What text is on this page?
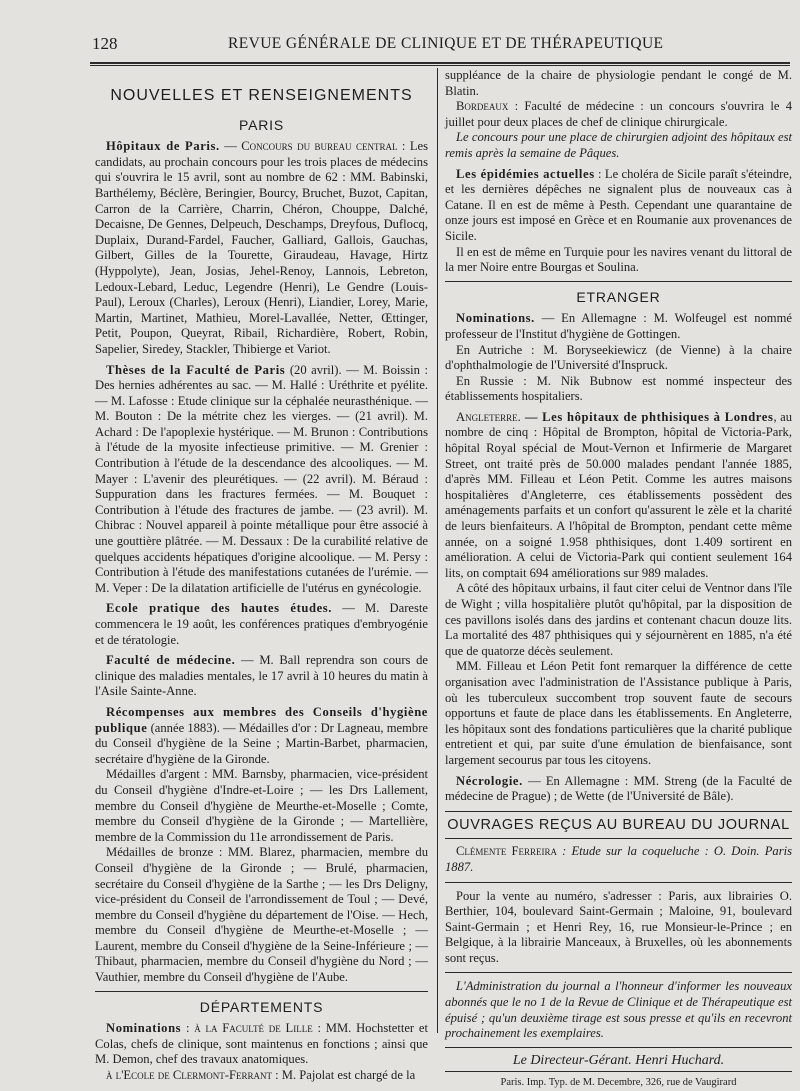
128	REVUE GÉNÉRALE DE CLINIQUE ET DE THÉRAPEUTIQUE
NOUVELLES ET RENSEIGNEMENTS
PARIS

Hôpitaux de Paris. — Concours du bureau central : Les candidats, au prochain concours pour les trois places de médecins qui s'ouvrira le 15 avril, sont au nombre de 62 : MM. Babinski, Barthélemy, Béclère, Beringier, Bourcy, Bruchet, Buzot, Capitan, Carron de la Carrière, Charrin, Chéron, Chouppe, Dalché, Decaisne, De Gennes, Delpeuch, Deschamps, Dreyfous, Duflocq, Duplaix, Durand-Fardel, Faucher, Galliard, Gallois, Gauchas, Gilbert, Gilles de la Tourette, Giraudeau, Havage, Hirtz (Hyppolyte), Jean, Josias, Jehel-Renoy, Lannois, Lebreton, Ledoux-Lebard, Leduc, Legendre (Henri), Le Gendre (Louis-Paul), Leroux (Charles), Leroux (Henri), Liandier, Lorey, Marie, Martin, Martinet, Mathieu, Morel-Lavallée, Netter, Œttinger, Petit, Poupon, Queyrat, Ribail, Richardière, Robert, Robin, Sapelier, Siredey, Stackler, Thibierge et Variot.

Thèses de la Faculté de Paris (20 avril). — M. Boissin : Des hernies adhérentes au sac. — M. Hallé : Uréthrite et pyélite. — M. Lafosse : Etude clinique sur la céphalée neurasthénique. — M. Bouton : De la métrite chez les vierges. — (21 avril). M. Achard : De l'apoplexie hystérique. — M. Brunon : Contributions à l'étude de la myosite infectieuse primitive. — M. Grenier : Contribution à l'étude de la descendance des alcooliques. — M. Mayer : L'avenir des pleurétiques. — (22 avril). M. Béraud : Suppuration dans les fractures fermées. — M. Bouquet : Contribution à l'étude des fractures de jambe. — (23 avril). M. Chibrac : Nouvel appareil à pointe métallique pour être associé à une gouttière plâtrée. — M. Dessaux : De la curabilité relative de quelques accidents hépatiques d'origine alcoolique. — M. Persy : Contribution à l'étude des manifestations cutanées de l'urémie. — M. Veper : De la dilatation artificielle de l'utérus en gynécologie.

Ecole pratique des hautes études. — M. Dareste commencera le 19 août, les conférences pratiques d'embryogénie et de tératologie.

Faculté de médecine. — M. Ball reprendra son cours de clinique des maladies mentales, le 17 avril à 10 heures du matin à l'Asile Sainte-Anne.

Récompenses aux membres des Conseils d'hygiène publique (année 1883). — Médailles d'or : Dr Lagneau, membre du Conseil d'hygiène de la Seine ; Martin-Barbet, pharmacien, secrétaire d'hygiène de la Gironde.

Médailles d'argent : MM. Barnsby, pharmacien, vice-président du Conseil d'hygiène d'Indre-et-Loire ; — les Drs Lallement, membre du Conseil d'hygiène de Meurthe-et-Moselle ; Comte, membre du Conseil d'hygiène de la Gironde ; — Martellière, membre de la Commission du 11e arrondissement de Paris.

Médailles de bronze : MM. Blarez, pharmacien, membre du Conseil d'hygiène de la Gironde ; — Brulé, pharmacien, secrétaire du Conseil d'hygiène de la Sarthe ; — les Drs Deligny, vice-président du Conseil de l'arrondissement de Toul ; — Devé, membre du Conseil d'hygiène du département de l'Oise. — Hech, membre du Conseil d'hygiène de Meurthe-et-Moselle ; — Laurent, membre du Conseil d'hygiène de la Seine-Inférieure ; — Thibaut, pharmacien, membre du Conseil d'hygiène du Nord ; — Vauthier, membre du Conseil d'hygiène de l'Aube.

DÉPARTEMENTS

Nominations : à la Faculté de Lille : MM. Hochstetter et Colas, chefs de clinique, sont maintenus en fonctions ; ainsi que M. Demon, chef des travaux anatomiques.

à l'Ecole de Clermont-Ferrant : M. Pajolat est chargé de la

suppléance de la chaire de physiologie pendant le congé de M. Blatin.

Bordeaux : Faculté de médecine : un concours s'ouvrira le 4 juillet pour deux places de chef de clinique chirurgicale.

Le concours pour une place de chirurgien adjoint des hôpitaux est remis après la semaine de Pâques.

Les épidémies actuelles : Le choléra de Sicile paraît s'éteindre, et les dernières dépêches ne signalent plus de nouveaux cas à Catane. Il en est de même à Pesth. Cependant une quarantaine de onze jours est imposé en Grèce et en Roumanie aux provenances de Sicile.

Il en est de même en Turquie pour les navires venant du littoral de la mer Noire entre Bourgas et Soulina.

ETRANGER

Nominations. — En Allemagne : M. Wolfeugel est nommé professeur de l'Institut d'hygiène de Gottingen.

En Autriche : M. Boryseekiewicz (de Vienne) à la chaire d'ophthalmologie de l'Université d'Inspruck.

En Russie : M. Nik Bubnow est nommé inspecteur des établissements hospitaliers.

Angleterre. — Les hôpitaux de phthisiques à Londres, au nombre de cinq : Hôpital de Brompton, hôpital de Victoria-Park, hôpital Royal spécial de Mout-Vernon et Infirmerie de Margaret Street, ont traité près de 50.000 malades pendant l'année 1885, d'après MM. Filleau et Léon Petit. Comme les autres maisons hospitalières d'Angleterre, ces établissements possèdent des aménagements parfaits et un confort qu'assurent le zèle et la charité de leurs bienfaiteurs. A l'hôpital de Brompton, pendant cette même année, on a soigné 1.958 phthisiques, dont 1.409 sortirent en amélioration. A celui de Victoria-Park qui contient seulement 164 lits, on comptait 694 améliorations sur 989 malades.

A côté des hôpitaux urbains, il faut citer celui de Ventnor dans l'île de Wight ; villa hospitalière plutôt qu'hôpital, par la disposition de ces pavillons isolés dans des jardins et contenant chacun douze lits. La mortalité des 487 phthisiques qui y séjournèrent en 1885, n'a été que de quatorze décès seulement.

MM. Filleau et Léon Petit font remarquer la différence de cette organisation avec l'administration de l'Assistance publique à Paris, où les tuberculeux succombent trop souvent faute de secours opportuns et faute de place dans les établissements. En Angleterre, les hôpitaux sont des fondations particulières que la charité publique entretient et qui, par suite d'une émulation de bienfaisance, sont largement secourus par tous les citoyens.

Nécrologie. — En Allemagne : MM. Streng (de la Faculté de médecine de Prague) ; de Wette (de l'Université de Bâle).

OUVRAGES REÇUS AU BUREAU DU JOURNAL

Clémente Ferreira : Etude sur la coqueluche : O. Doin. Paris 1887.

Pour la vente au numéro, s'adresser : Paris, aux librairies O. Berthier, 104, boulevard Saint-Germain ; Maloine, 91, boulevard Saint-Germain ; et Henri Rey, 16, rue Monsieur-le-Prince ; en Belgique, à la librairie Manceaux, à Bruxelles, où les abonnements sont reçus.

L'Administration du journal a l'honneur d'informer les nouveaux abonnés que le no 1 de la Revue de Clinique et de Thérapeutique est épuisé ; qu'un deuxième tirage est sous presse et qu'ils en recevront prochainement les exemplaires.

Le Directeur-Gérant. Henri Huchard.
Paris. Imp. Typ. de M. Decembre, 326, rue de Vaugirard
